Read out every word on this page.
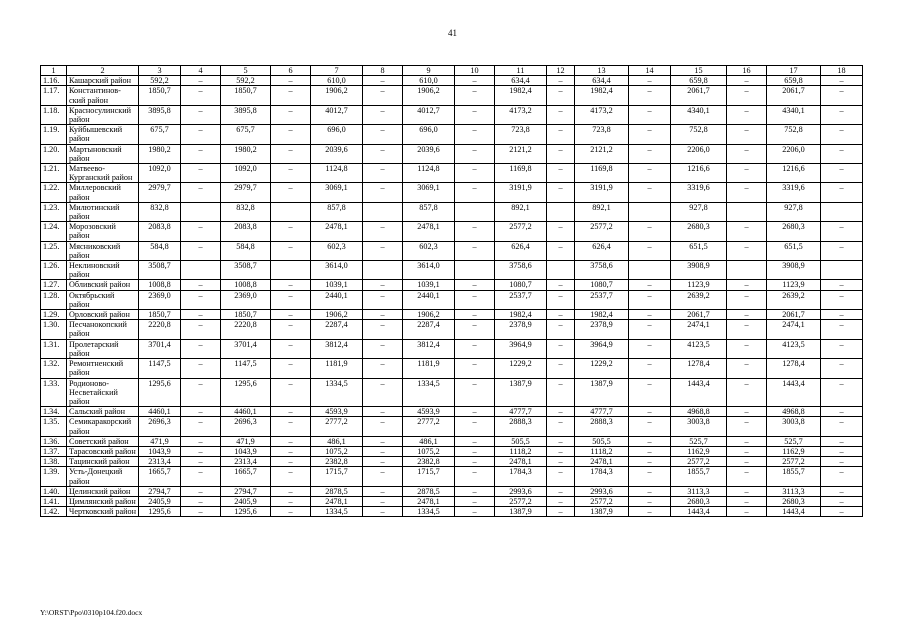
41
1	2	3	4	5	6	7	8	9	10	11	12	13	14	15	16	17	18
1.16.	Кашарский район	592,2	–	592,2	–	610,0	–	610,0	–	634,4	–	634,4	–	659,8	–	659,8	–
1.17.	Константинов-ский район	1850,7	–	1850,7	–	1906,2	–	1906,2	–	1982,4	–	1982,4	–	2061,7	–	2061,7	–
1.18.	Красносулинский район	3895,8	–	3895,8	–	4012,7	–	4012,7	–	4173,2	–	4173,2	–	4340,1	–	4340,1	–
1.19.	Куйбышевский район	675,7	–	675,7	–	696,0	–	696,0	–	723,8	–	723,8	–	752,8	–	752,8	–
1.20.	Мартыновский район	1980,2	–	1980,2	–	2039,6	–	2039,6	–	2121,2	–	2121,2	–	2206,0	–	2206,0	–
1.21.	Матвеево-Курганский район	1092,0	–	1092,0	–	1124,8	–	1124,8	–	1169,8	–	1169,8	–	1216,6	–	1216,6	–
1.22.	Миллеровский район	2979,7	–	2979,7	–	3069,1	–	3069,1	–	3191,9	–	3191,9	–	3319,6	–	3319,6	–
1.23.	Милютинский район	832,8		832,8		857,8		857,8		892,1		892,1		927,8		927,8	
1.24.	Морозовский район	2083,8	–	2083,8	–	2478,1	–	2478,1	–	2577,2	–	2577,2	–	2680,3	–	2680,3	–
1.25.	Мясниковский район	584,8	–	584,8	–	602,3	–	602,3	–	626,4	–	626,4	–	651,5	–	651,5	–
1.26.	Неклиновский район	3508,7		3508,7		3614,0		3614,0		3758,6		3758,6		3908,9		3908,9	
1.27.	Обливский район	1008,8	–	1008,8	–	1039,1	–	1039,1	–	1080,7	–	1080,7	–	1123,9	–	1123,9	–
1.28.	Октябрьский район	2369,0	–	2369,0	–	2440,1	–	2440,1	–	2537,7	–	2537,7	–	2639,2	–	2639,2	–
1.29.	Орловский район	1850,7	–	1850,7	–	1906,2	–	1906,2	–	1982,4	–	1982,4	–	2061,7	–	2061,7	–
1.30.	Песчанокопский район	2220,8	–	2220,8	–	2287,4	–	2287,4	–	2378,9	–	2378,9	–	2474,1	–	2474,1	–
1.31.	Пролетарский район	3701,4	–	3701,4	–	3812,4	–	3812,4	–	3964,9	–	3964,9	–	4123,5	–	4123,5	–
1.32.	Ремонтненский район	1147,5	–	1147,5	–	1181,9	–	1181,9	–	1229,2	–	1229,2	–	1278,4	–	1278,4	–
1.33.	Родионово-Несветайский район	1295,6	–	1295,6	–	1334,5	–	1334,5	–	1387,9	–	1387,9	–	1443,4	–	1443,4	–
1.34.	Сальский район	4460,1	–	4460,1	–	4593,9	–	4593,9	–	4777,7	–	4777,7	–	4968,8	–	4968,8	–
1.35.	Семикаракорский район	2696,3	–	2696,3	–	2777,2	–	2777,2	–	2888,3	–	2888,3	–	3003,8	–	3003,8	–
1.36.	Советский район	471,9	–	471,9	–	486,1	–	486,1	–	505,5	–	505,5	–	525,7	–	525,7	–
1.37.	Тарасовский район	1043,9	–	1043,9	–	1075,2	–	1075,2	–	1118,2	–	1118,2	–	1162,9	–	1162,9	–
1.38.	Тацинский район	2313,4	–	2313,4	–	2382,8	–	2382,8	–	2478,1	–	2478,1	–	2577,2	–	2577,2	–
1.39.	Усть-Донецкий район	1665,7	–	1665,7	–	1715,7	–	1715,7	–	1784,3	–	1784,3	–	1855,7	–	1855,7	–
1.40.	Целинский район	2794,7	–	2794,7	–	2878,5	–	2878,5	–	2993,6	–	2993,6	–	3113,3	–	3113,3	–
1.41.	Цимлянский район	2405,9	–	2405,9	–	2478,1	–	2478,1	–	2577,2	–	2577,2	–	2680,3	–	2680,3	–
1.42.	Чертковский район	1295,6	–	1295,6	–	1334,5	–	1334,5	–	1387,9	–	1387,9	–	1443,4	–	1443,4	–
Y:\ORST\Ppo\0310p104.f20.docx
